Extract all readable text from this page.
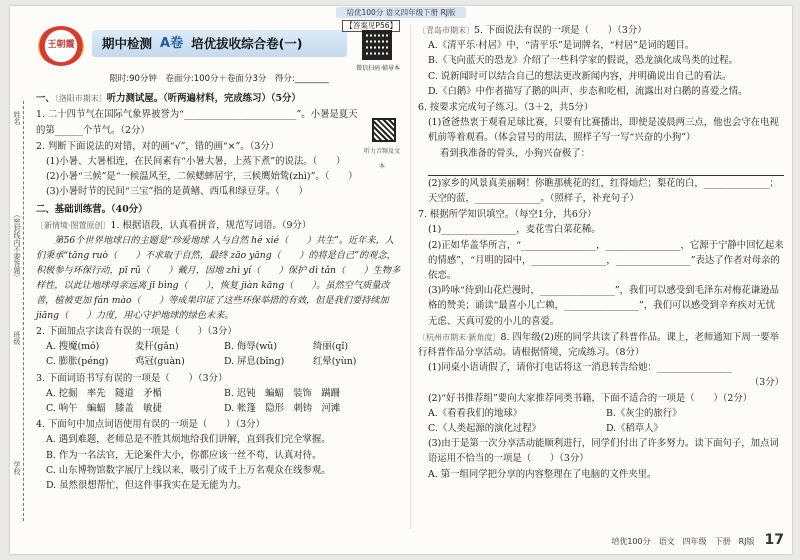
培优100分 语文四年级下册 RJ版
姓名
（密封线内不要答题）
班级
学校
王朝霞 期中检测 A卷 培优拔收综合卷(一)
【答案见P56】
微信扫码·辅导本
限时:90分钟　卷面分:100分＋卷面分3分　得分:________
听力音频及文本
一、〔洛阳市期末〕听力测试屋。（听两遍材料，完成练习）（5分）
1. 二十四节气在国际气象界被誉为“________________________”。小暑是夏天的第______个节气。（2分）
2. 判断下面说法的对错，对的画“√”，错的画“×”。（3分）
(1)小暑、大暑相连，在民间素有“小暑大暑，上蒸下煮”的说法。（　　）
(2)小暑“三候”是“一候温风至，二候蟋蟀居宇，三候鹰始鸷(zhì)”。（　　）
(3)小暑时节的民间“三宝”指的是黄鳝、西瓜和绿豆芽。（　　）
二、基础训练营。（40分）
〔新情境·图置原创〕1. 根据语段，认真看拼音，规范写词语。（9分）
第56个世界地球日的主题是“珍爱地球 人与自然 hé xié（　　）共生”。近年来，人们秉承“tāng ruò（　　）不求取于自然，最终 zāo yāng（　　）的将是自己”的观念，积极参与环保行动，pī rǔ（　　）戴月，因地 zhì yí（　　）保护 dì tǎn（　　）生物多样性，以此让地球母亲远离 jī bìng（　　），恢复 jiàn kāng（　　）。虽然空气质量改善，植被更加 fán mào（　　）等成果印证了这些环保举措的有效，但是我们要持续加 jiāng（　　）力度，用心守护地球的绿色未来。
2. 下面加点字读音有误的一项是（　　）（3分）
A. 搜魔(mó)	麦秆(gǎn)	B. 侮辱(wǔ)	绮丽(qǐ)
C. 膨胀(péng)	鸡冠(guàn)	D. 屏息(bǐng)	红晕(yùn)
3. 下面词语书写有误的一项是（　　）（3分）
A. 挖掘　率先　隧道　矛楯	B. 迟钝　蝙蝠　装饰　蹒跚
C. 响午　蝙蝠　膝盖　敏捷	D. 帐篷　隐形　刺铸　河滩
4. 下面句中加点词语使用有误的一项是（　　）（3分）
A. 遇到难题，老师总是不胜其烦地给我们讲解，直到我们完全掌握。
B. 作为一名法官，无论案件大小，你都应该一丝不苟，认真对待。
C. 山东博物馆数字展厅上线以来，吸引了成千上万名观众在线参观。
D. 虽然很想帮忙，但这件事我实在是无能为力。
〔青岛市期末〕5. 下面说法有误的一项是（　　）（3分）
A.《清平乐·村居》中，“清平乐”是词牌名，“村居”是词的题目。
B.《飞向蓝天的恐龙》介绍了一些科学家的假说，恐龙演化成鸟类的过程。
C. 说新闻时可以结合自己的想法更改新闻内容，并明确说出自己的看法。
D.《白鹅》中作者描写了鹅的叫声、步态和吃相，流露出对白鹅的喜爱之情。
6. 按要求完成句子练习。（3＋2，共5分）
(1)爸爸热衷于观看足球比赛，只要有比赛播出，即使是凌晨两三点，他也会守在电视机前等着观看。（体会冒号的用法，照样子写一写“兴奋的小狗”）
看到我准备的骨头，小狗兴奋极了：
(2)家乡的风景真美丽啊！你瞧那桃花的红，红得灿烂；梨花的白，______________；天空的蓝，______________。（照样子，补充句子）
7. 根据所学知识填空。（每空1分，共6分）
(1)________________，麦花雪白菜花稀。
(2)正如华盖华所言，“________________，________________，它源于宁静中回忆起来的情感”，“月明的园中，________________，________________”表达了作者对母亲的依恋。
(3)吟咏“待到山花烂漫时，________________”，我们可以感受到毛泽东对梅花谦逊品格的赞美；诵读“最喜小儿亡赖，________________”，我们可以感受到辛弃疾对无忧无虑、天真可爱的小儿的喜爱。
〔杭州市期末·新角度〕8. 四年级(2)班的同学共读了科普作品。课上，老师通知下周一要举行科普作品分享活动。请根据情境，完成练习。（8分）
(1)同桌小语请假了，请你打电话将这一消息转告给她：________________
（3分）
(2)“好书推荐组”要向大家推荐同类书籍，下面不适合的一项是（　　）（2分）
A.《看看我们的地球》	B.《灰尘的旅行》
C.《人类起源的演化过程》	D.《稻草人》
(3)由于是第一次分享活动能顺利进行，同学们付出了许多努力。读下面句子，加点词语运用不恰当的一项是（　　）（3分）
A. 第一组同学把分享的内容整理在了电脑的文件夹里。
培优100分　语文　四年级　下册　RJ版 17
